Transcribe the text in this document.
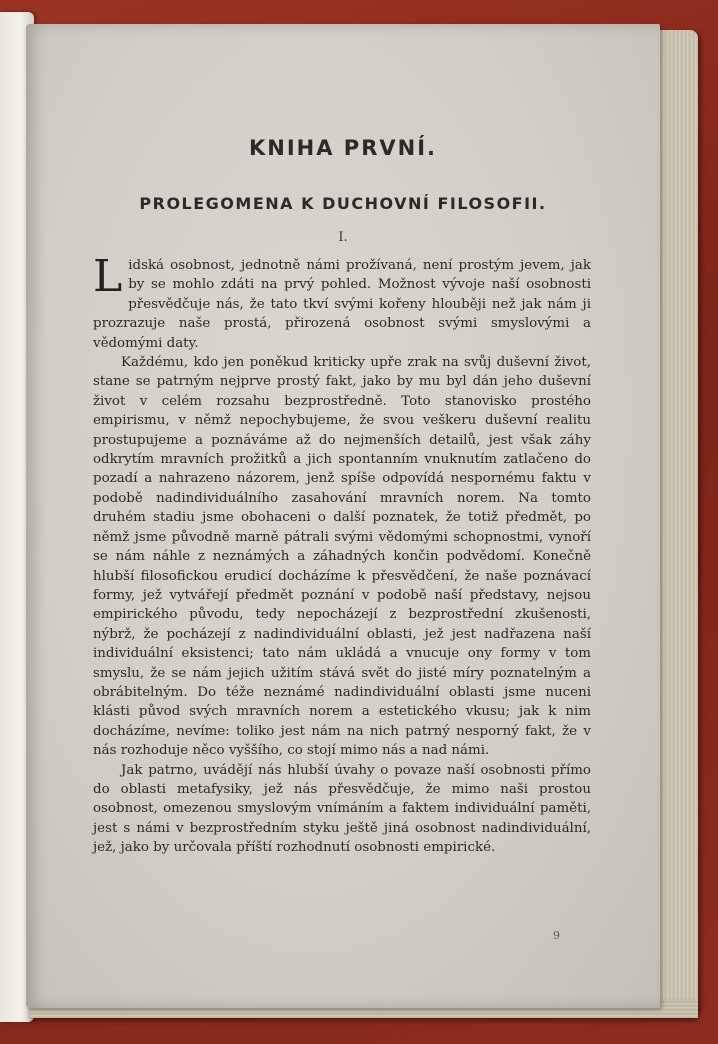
KNIHA PRVNÍ.
PROLEGOMENA K DUCHOVNÍ FILOSOFII.
I.

Lidská osobnost, jednotně námi prožívaná, není prostým jevem, jak by se mohlo zdáti na prvý pohled. Možnost vývoje naší osobnosti přesvědčuje nás, že tato tkví svými kořeny hlouběji než jak nám ji prozrazuje naše prostá, přirozená osobnost svými smyslovými a vědomými daty.

Každému, kdo jen poněkud kriticky upře zrak na svůj duševní život, stane se patrným nejprve prostý fakt, jako by mu byl dán jeho duševní život v celém rozsahu bezprostředně. Toto stanovisko prostého empirismu, v němž nepochybujeme, že svou veškeru duševní realitu prostupujeme a poznáváme až do nejmenších detailů, jest však záhy odkrytím mravních prožitků a jich spontanním vnuknutím zatlačeno do pozadí a nahrazeno názorem, jenž spíše odpovídá nespornému faktu v podobě nadindividuálního zasahování mravních norem. Na tomto druhém stadiu jsme obohaceni o další poznatek, že totiž předmět, po němž jsme původně marně pátrali svými vědomými schopnostmi, vynoří se nám náhle z neznámých a záhadných končin podvědomí. Konečně hlubší filosofickou erudicí docházíme k přesvědčení, že naše poznávací formy, jež vytvářejí předmět poznání v podobě naší představy, nejsou empirického původu, tedy nepocházejí z bezprostřední zkušenosti, nýbrž, že pocházejí z nadindividuální oblasti, jež jest nadřazena naší individuální eksistenci; tato nám ukládá a vnucuje ony formy v tom smyslu, že se nám jejich užitím stává svět do jisté míry poznatelným a obrábitelným. Do téže neznámé nadindividuální oblasti jsme nuceni klásti původ svých mravních norem a estetického vkusu; jak k nim docházíme, nevíme: toliko jest nám na nich patrný nesporný fakt, že v nás rozhoduje něco vyššího, co stojí mimo nás a nad námi.

Jak patrno, uvádějí nás hlubší úvahy o povaze naší osobnosti přímo do oblasti metafysiky, jež nás přesvědčuje, že mimo naši prostou osobnost, omezenou smyslovým vnímáním a faktem individuální paměti, jest s námi v bezprostředním styku ještě jiná osobnost nadindividuální, jež, jako by určovala příští rozhodnutí osobnosti empirické.

9
